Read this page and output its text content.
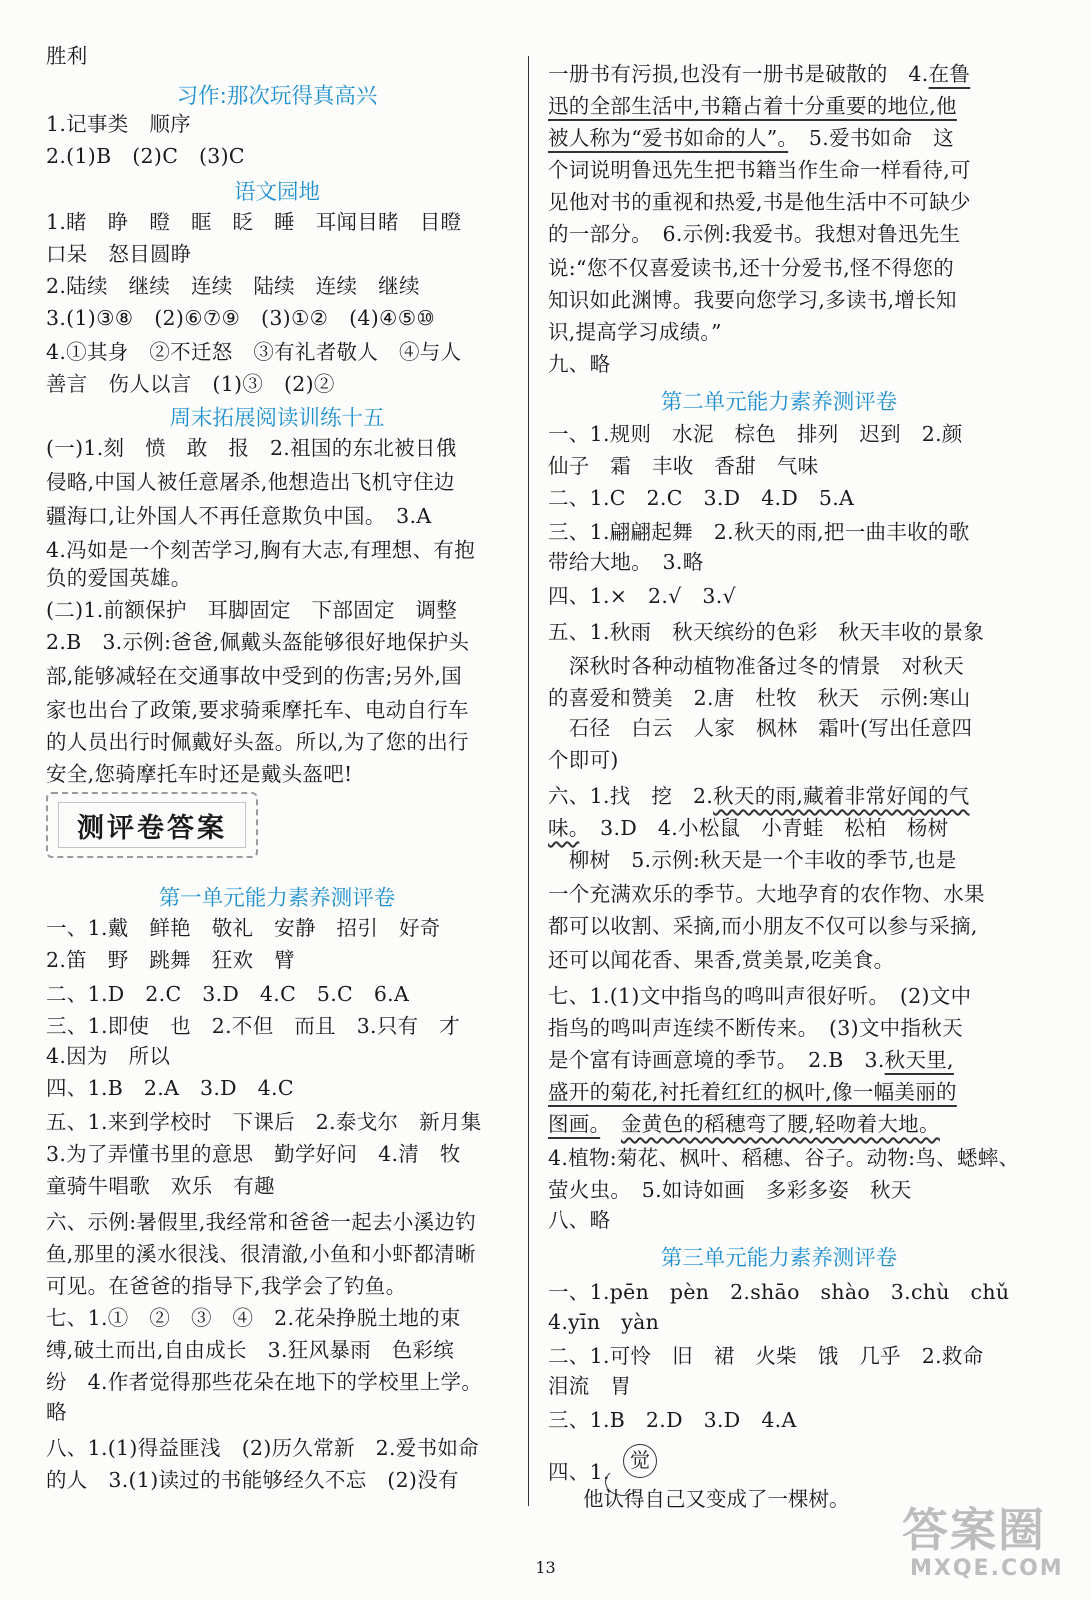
胜利
习作:那次玩得真高兴
1.记事类　顺序
2.(1)B　(2)C　(3)C
语文园地
1.睹　睁　瞪　眶　眨　睡　耳闻目睹　目瞪
口呆　怒目圆睁
2.陆续　继续　连续　陆续　连续　继续
3.(1)③⑧　(2)⑥⑦⑨　(3)①②　(4)④⑤⑩
4.①其身　②不迁怒　③有礼者敬人　④与人
善言　伤人以言　(1)③　(2)②
周末拓展阅读训练十五
(一)1.刻　愤　敢　报　2.祖国的东北被日俄
侵略,中国人被任意屠杀,他想造出飞机守住边
疆海口,让外国人不再任意欺负中国。　3.A
4.冯如是一个刻苦学习,胸有大志,有理想、有抱
负的爱国英雄。
(二)1.前额保护　耳脚固定　下部固定　调整
2.B　3.示例:爸爸,佩戴头盔能够很好地保护头
部,能够减轻在交通事故中受到的伤害;另外,国
家也出台了政策,要求骑乘摩托车、电动自行车
的人员出行时佩戴好头盔。所以,为了您的出行
安全,您骑摩托车时还是戴头盔吧!
测评卷答案
第一单元能力素养测评卷
一、1.戴　鲜艳　敬礼　安静　招引　好奇
2.笛　野　跳舞　狂欢　臂
二、1.D　2.C　3.D　4.C　5.C　6.A
三、1.即使　也　2.不但　而且　3.只有　才
4.因为　所以
四、1.B　2.A　3.D　4.C
五、1.来到学校时　下课后　2.泰戈尔　新月集
3.为了弄懂书里的意思　勤学好问　4.清　牧
童骑牛唱歌　欢乐　有趣
六、示例:暑假里,我经常和爸爸一起去小溪边钓
鱼,那里的溪水很浅、很清澈,小鱼和小虾都清晰
可见。在爸爸的指导下,我学会了钓鱼。
七、1.①　②　③　④　2.花朵挣脱土地的束
缚,破土而出,自由成长　3.狂风暴雨　色彩缤
纷　4.作者觉得那些花朵在地下的学校里上学。
略
八、1.(1)得益匪浅　(2)历久常新　2.爱书如命
的人　3.(1)读过的书能够经久不忘　(2)没有
一册书有污损,也没有一册书是破散的　4.在鲁
迅的全部生活中,书籍占着十分重要的地位,他
被人称为“爱书如命的人”。　5.爱书如命　这
个词说明鲁迅先生把书籍当作生命一样看待,可
见他对书的重视和热爱,书是他生活中不可缺少
的一部分。　6.示例:我爱书。我想对鲁迅先生
说:“您不仅喜爱读书,还十分爱书,怪不得您的
知识如此渊博。我要向您学习,多读书,增长知
识,提高学习成绩。”
九、略
第二单元能力素养测评卷
一、1.规则　水泥　棕色　排列　迟到　2.颜
仙子　霜　丰收　香甜　气味
二、1.C　2.C　3.D　4.D　5.A
三、1.翩翩起舞　2.秋天的雨,把一曲丰收的歌
带给大地。　3.略
四、1.×　2.√　3.√
五、1.秋雨　秋天缤纷的色彩　秋天丰收的景象
　深秋时各种动植物准备过冬的情景　对秋天
的喜爱和赞美　2.唐　杜牧　秋天　示例:寒山
　石径　白云　人家　枫林　霜叶(写出任意四
个即可)
六、1.找　挖　2.秋天的雨,藏着非常好闻的气
味。　3.D　4.小松鼠　小青蛙　松柏　杨树
　柳树　5.示例:秋天是一个丰收的季节,也是
一个充满欢乐的季节。大地孕育的农作物、水果
都可以收割、采摘,而小朋友不仅可以参与采摘,
还可以闻花香、果香,赏美景,吃美食。
七、1.(1)文中指鸟的鸣叫声很好听。　(2)文中
指鸟的鸣叫声连续不断传来。　(3)文中指秋天
是个富有诗画意境的季节。　2.B　3.秋天里,
盛开的菊花,衬托着红红的枫叶,像一幅美丽的
图画。　 金黄色的稻穗弯了腰,轻吻着大地。
4.植物:菊花、枫叶、稻穗、谷子。动物:鸟、蟋蟀、
萤火虫。　5.如诗如画　多彩多姿　秋天
八、略
第三单元能力素养测评卷
一、1.pēn　pèn　2.shāo　shào　3.chù　chǔ
4.yīn　yàn
二、1.可怜　旧　裙　火柴　饿　几乎　2.救命
泪流　胃
三、1.B　2.D　3.D　4.A
四、1.	觉
他认得自己又变成了一棵树。
13
答案圈
MXQE.COM
